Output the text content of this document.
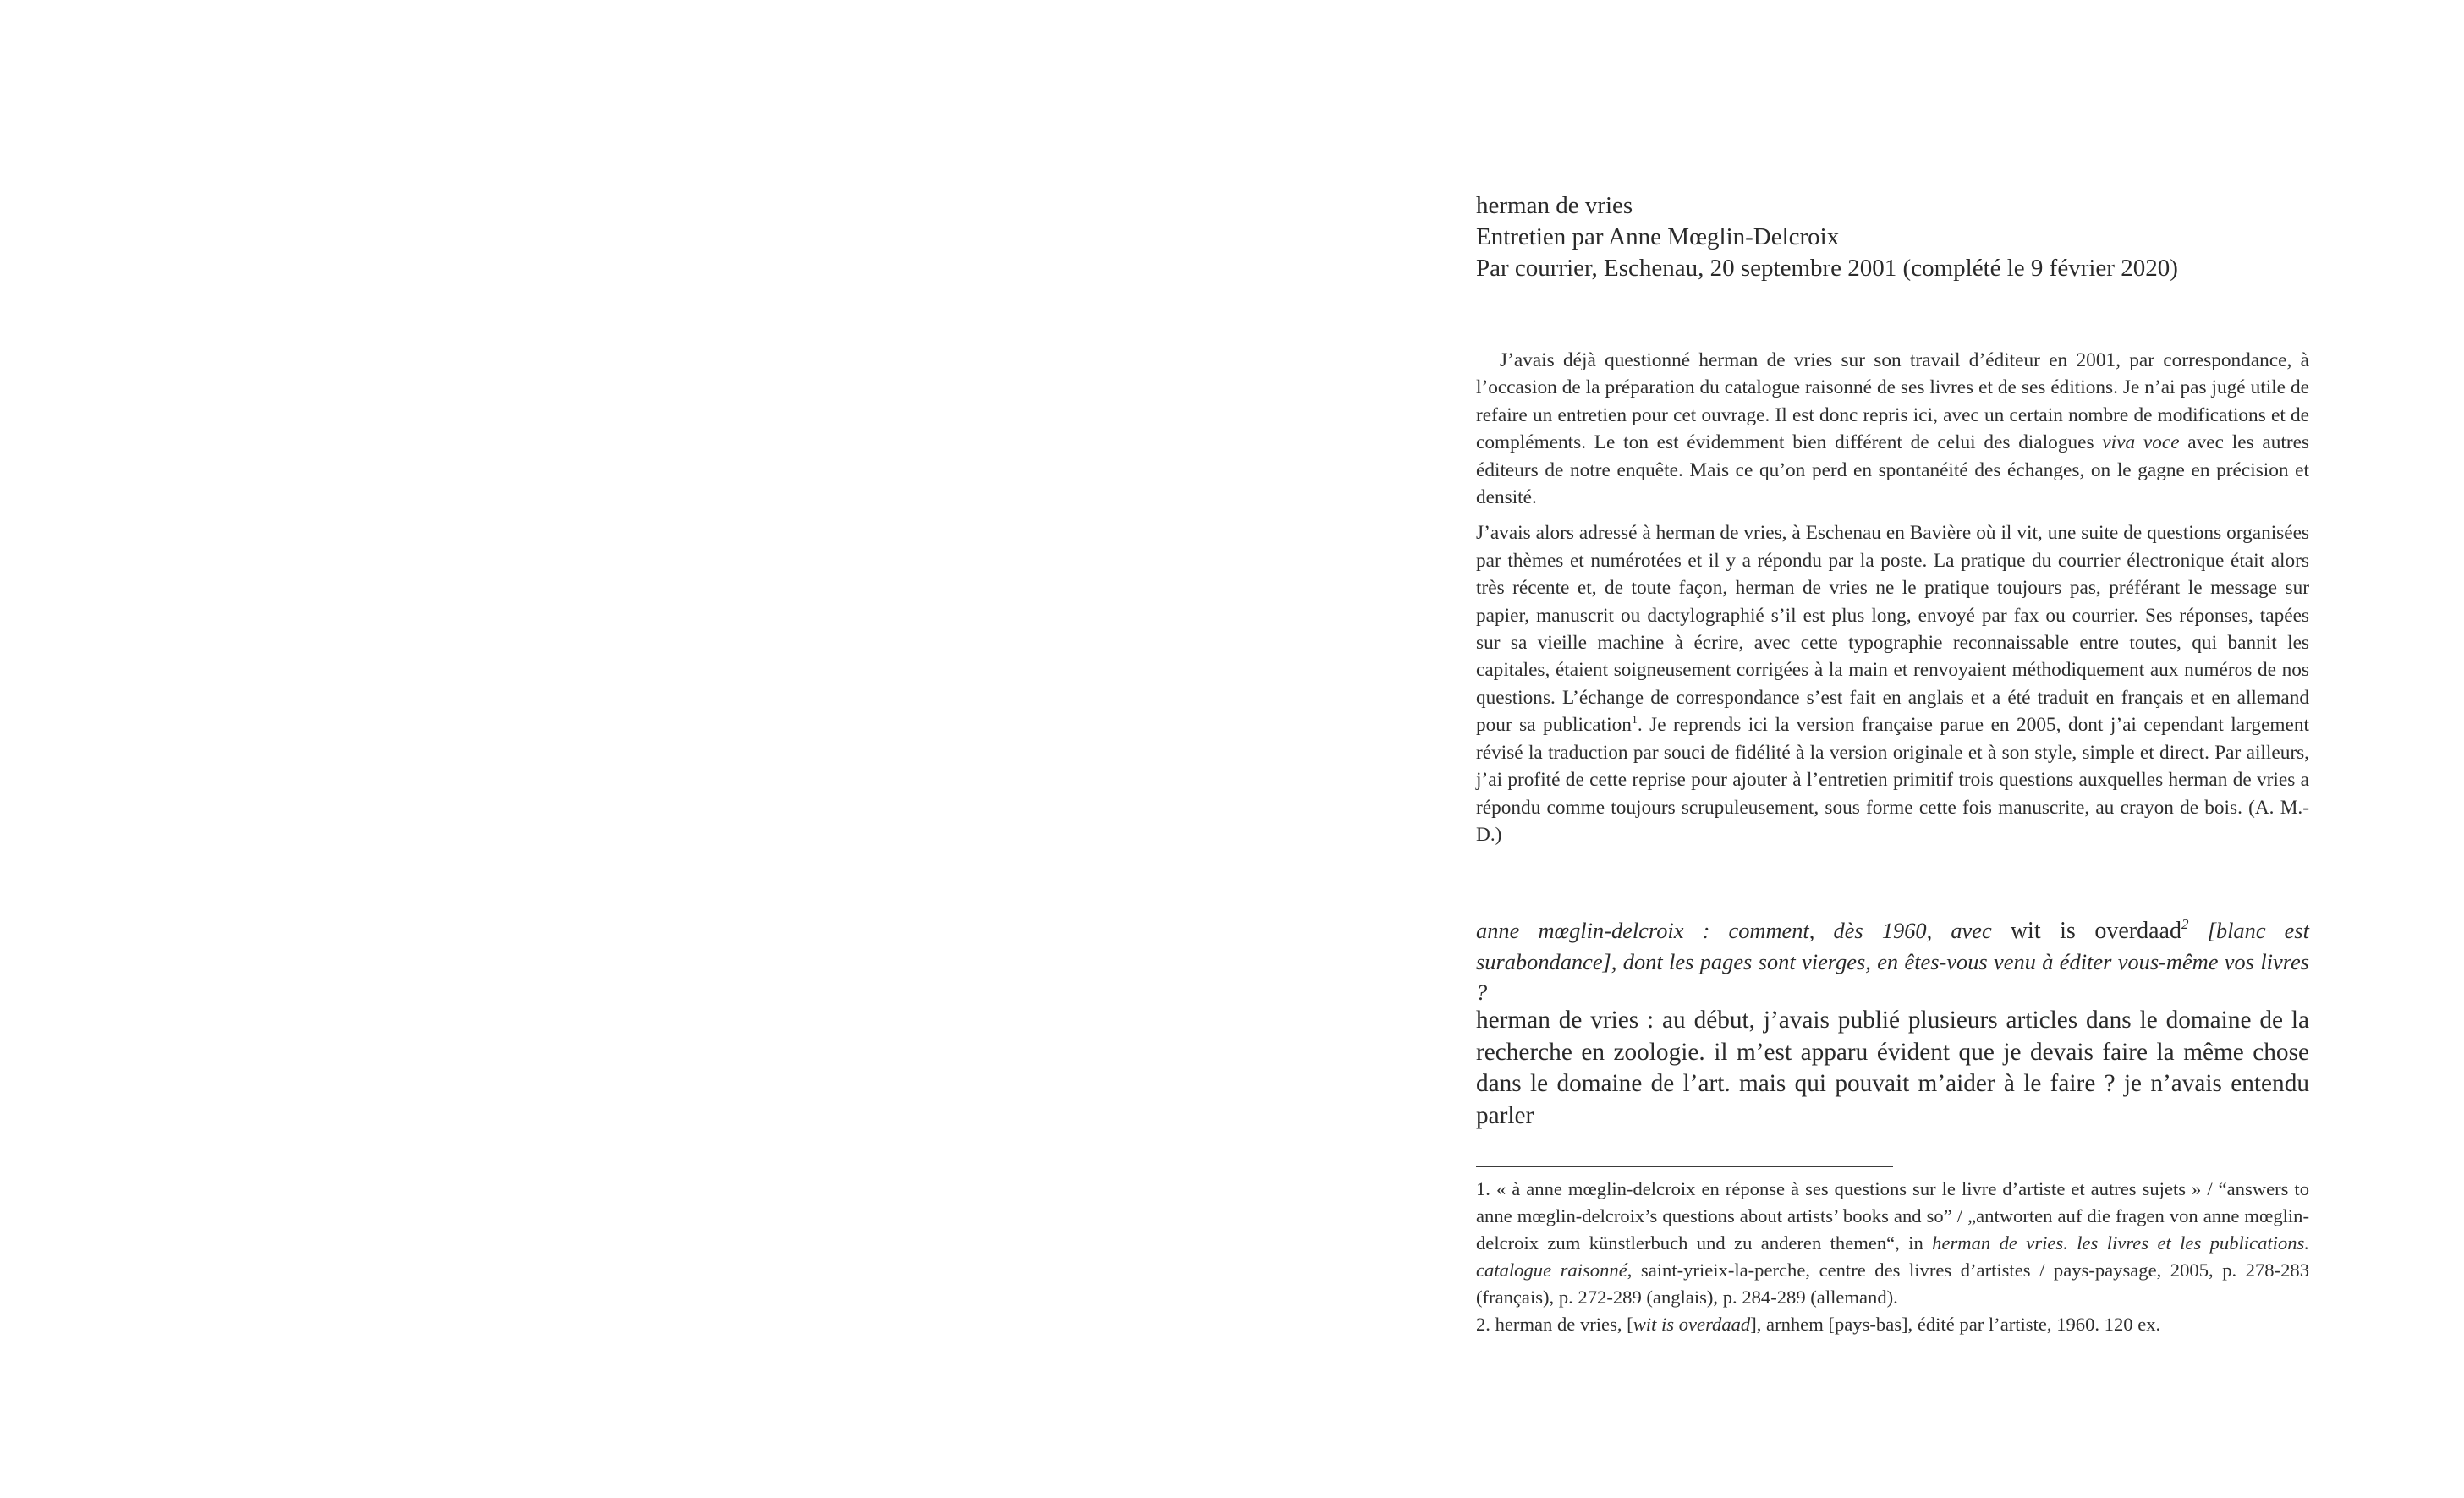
herman de vries
Entretien par Anne Mœglin-Delcroix
Par courrier, Eschenau, 20 septembre 2001 (complété le 9 février 2020)

J’avais déjà questionné herman de vries sur son travail d’éditeur en 2001, par correspondance, à l’occasion de la préparation du catalogue raisonné de ses livres et de ses éditions. Je n’ai pas jugé utile de refaire un entretien pour cet ouvrage. Il est donc repris ici, avec un certain nombre de modifications et de compléments. Le ton est évidemment bien différent de celui des dialogues viva voce avec les autres éditeurs de notre enquête. Mais ce qu’on perd en spontanéité des échanges, on le gagne en précision et densité.

J’avais alors adressé à herman de vries, à Eschenau en Bavière où il vit, une suite de questions organisées par thèmes et numérotées et il y a répondu par la poste. La pratique du courrier électronique était alors très récente et, de toute façon, herman de vries ne le pratique toujours pas, préférant le message sur papier, manuscrit ou dactylographié s’il est plus long, envoyé par fax ou courrier. Ses réponses, tapées sur sa vieille machine à écrire, avec cette typographie reconnaissable entre toutes, qui bannit les capitales, étaient soigneusement corrigées à la main et renvoyaient méthodiquement aux numéros de nos questions. L’échange de correspondance s’est fait en anglais et a été traduit en français et en allemand pour sa publication$^1$. Je reprends ici la version française parue en 2005, dont j’ai cependant largement révisé la traduction par souci de fidélité à la version originale et à son style, simple et direct. Par ailleurs, j’ai profité de cette reprise pour ajouter à l’entretien primitif trois questions auxquelles herman de vries a répondu comme toujours scrupuleusement, sous forme cette fois manuscrite, au crayon de bois. (A. M.-D.)

anne mœglin-delcroix : comment, dès 1960, avec wit is overdaad$^2$ [blanc est surabondance], dont les pages sont vierges, en êtes-vous venu à éditer vous-même vos livres ?

herman de vries : au début, j’avais publié plusieurs articles dans le domaine de la recherche en zoologie. il m’est apparu évident que je devais faire la même chose dans le domaine de l’art. mais qui pouvait m’aider à le faire ? je n’avais entendu parler

1. « à anne mœglin-delcroix en réponse à ses questions sur le livre d’artiste et autres sujets » / “answers to anne mœglin-delcroix’s questions about artists’ books and so” / „antworten auf die fragen von anne mœglin-delcroix zum künstlerbuch und zu anderen themen“, in herman de vries. les livres et les publications. catalogue raisonné, saint-yrieix-la-perche, centre des livres d’artistes / pays-paysage, 2005, p. 278-283 (français), p. 272-289 (anglais), p. 284-289 (allemand).

2. herman de vries, [wit is overdaad], arnhem [pays-bas], édité par l’artiste, 1960. 120 ex.
